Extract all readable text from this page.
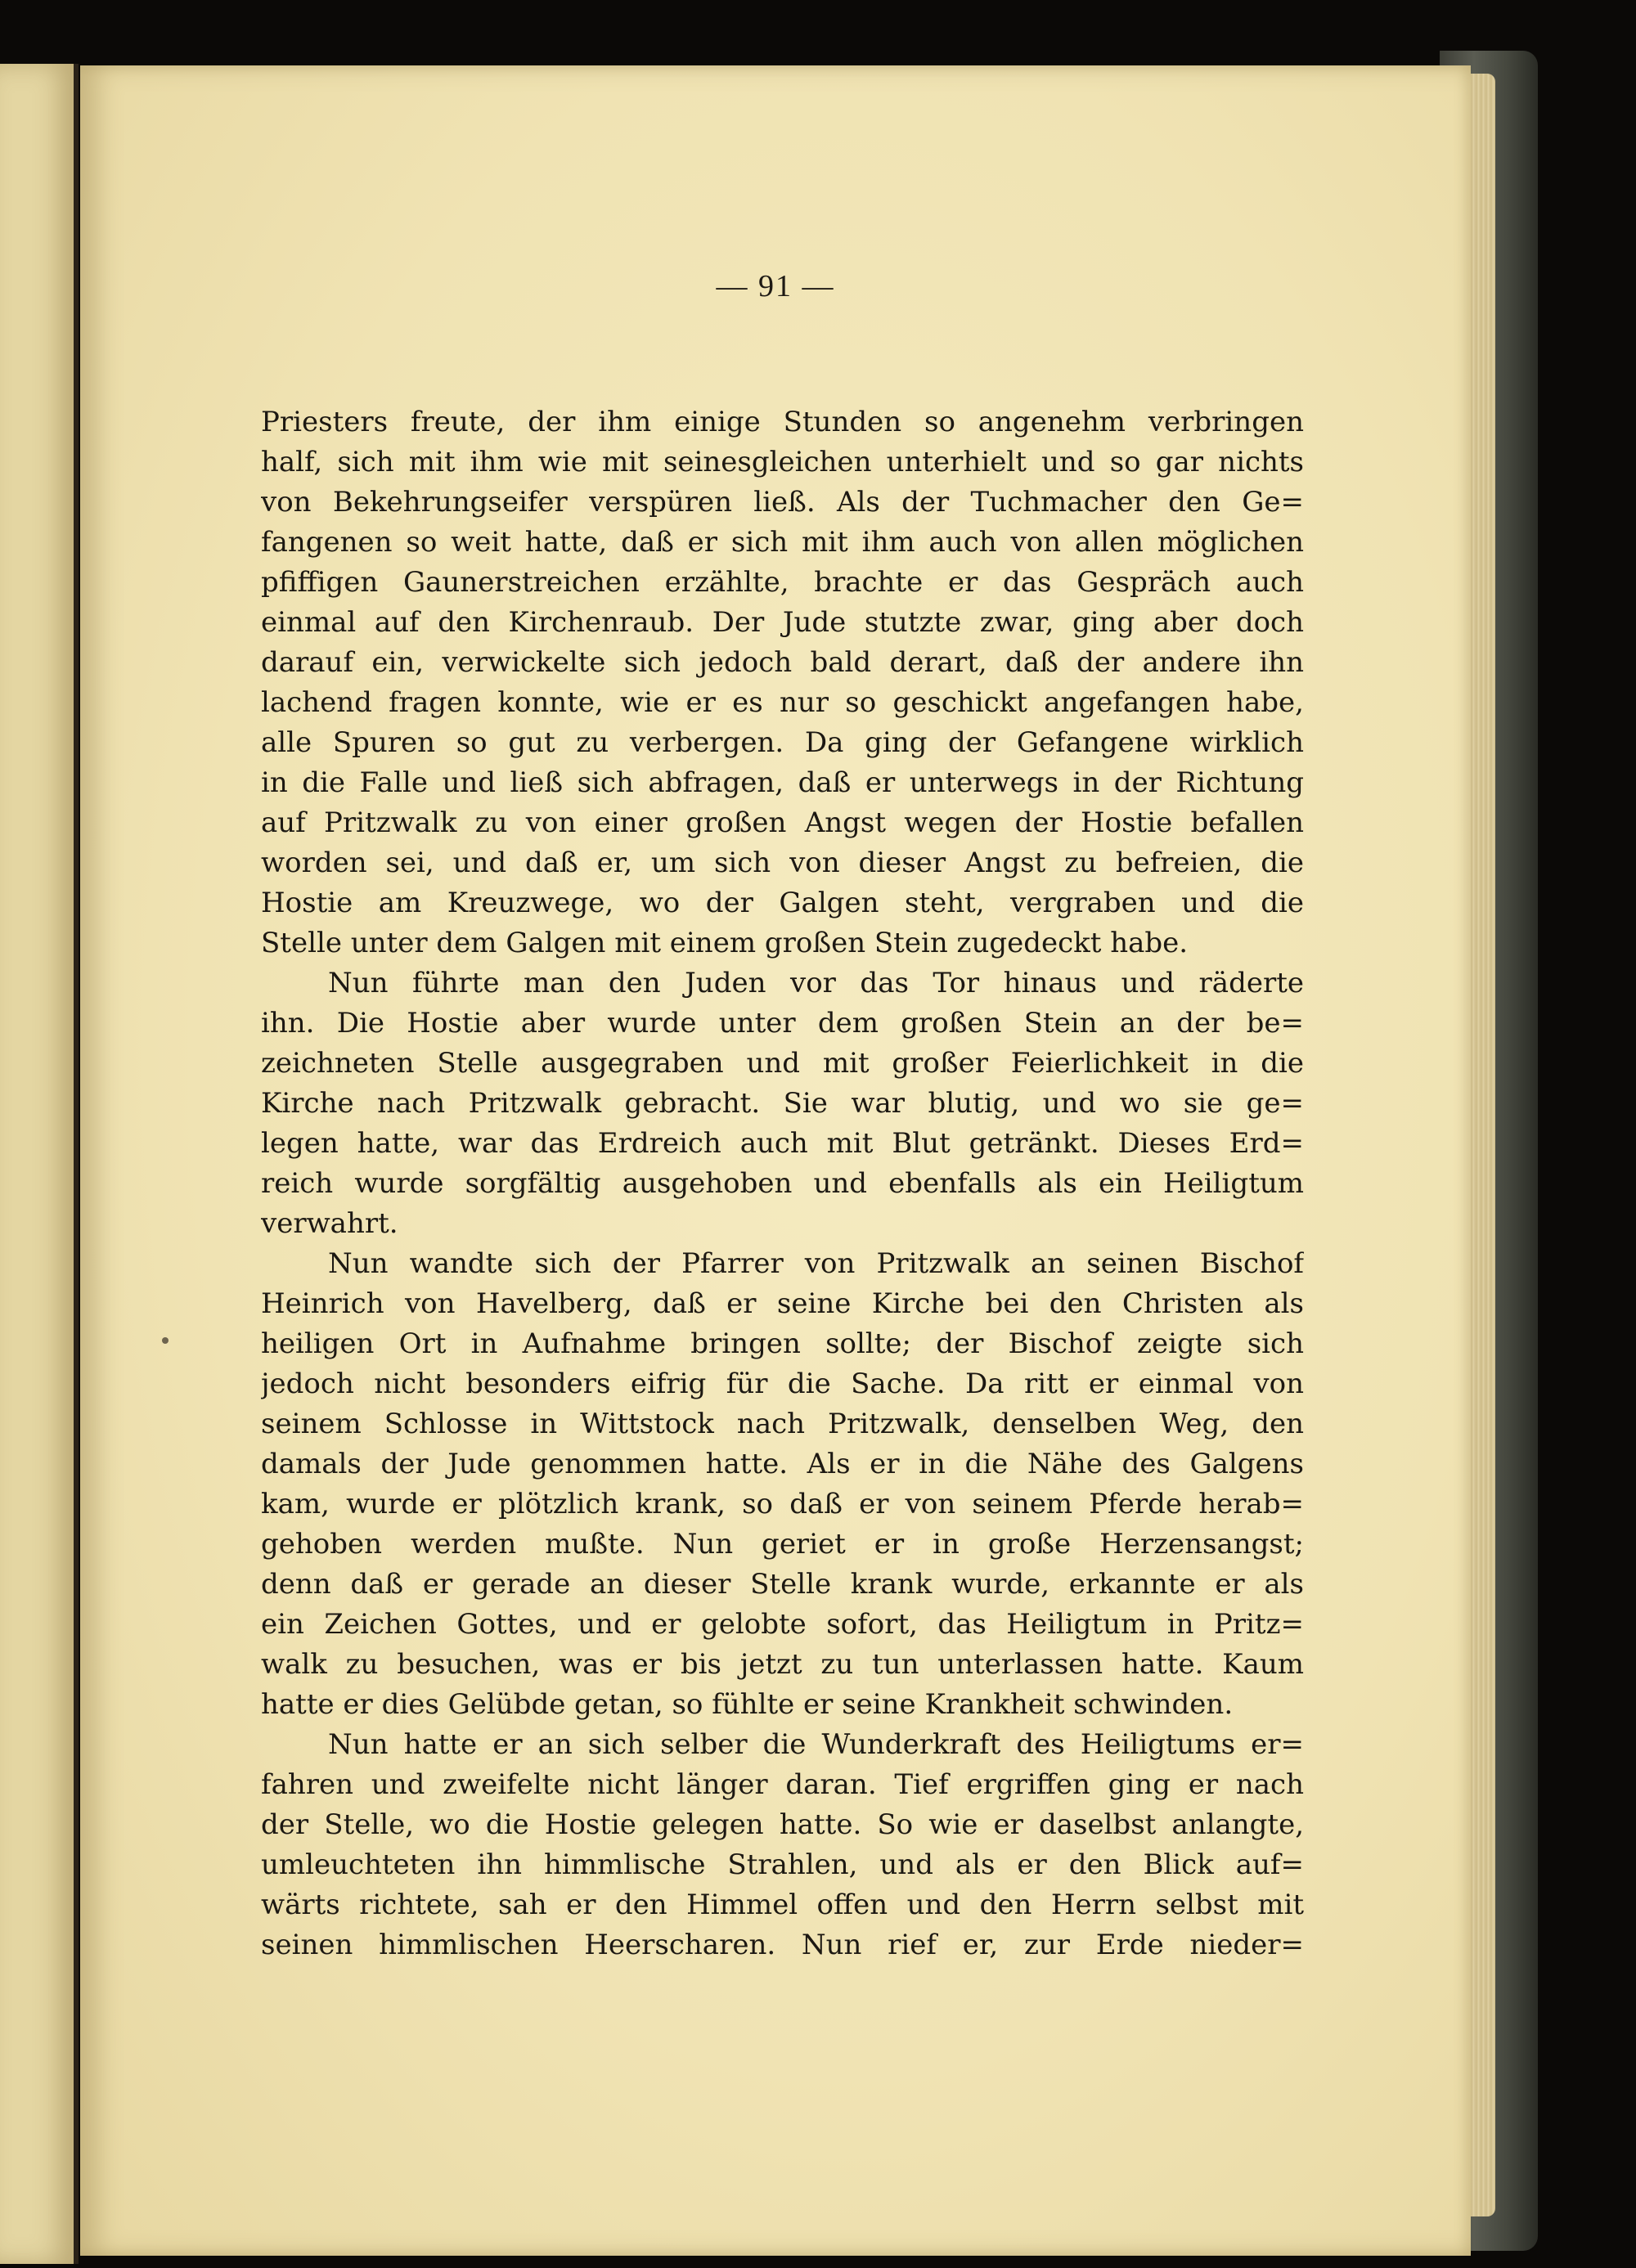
— 91 —
Priesters freute, der ihm einige Stunden so angenehm verbringen
half, sich mit ihm wie mit seinesgleichen unterhielt und so gar nichts
von Bekehrungseifer verspüren ließ. Als der Tuchmacher den Ge=
fangenen so weit hatte, daß er sich mit ihm auch von allen möglichen
pfiffigen Gaunerstreichen erzählte, brachte er das Gespräch auch
einmal auf den Kirchenraub. Der Jude stutzte zwar, ging aber doch
darauf ein, verwickelte sich jedoch bald derart, daß der andere ihn
lachend fragen konnte, wie er es nur so geschickt angefangen habe,
alle Spuren so gut zu verbergen. Da ging der Gefangene wirklich
in die Falle und ließ sich abfragen, daß er unterwegs in der Richtung
auf Pritzwalk zu von einer großen Angst wegen der Hostie befallen
worden sei, und daß er, um sich von dieser Angst zu befreien, die
Hostie am Kreuzwege, wo der Galgen steht, vergraben und die
Stelle unter dem Galgen mit einem großen Stein zugedeckt habe.
Nun führte man den Juden vor das Tor hinaus und räderte
ihn. Die Hostie aber wurde unter dem großen Stein an der be=
zeichneten Stelle ausgegraben und mit großer Feierlichkeit in die
Kirche nach Pritzwalk gebracht. Sie war blutig, und wo sie ge=
legen hatte, war das Erdreich auch mit Blut getränkt. Dieses Erd=
reich wurde sorgfältig ausgehoben und ebenfalls als ein Heiligtum
verwahrt.
Nun wandte sich der Pfarrer von Pritzwalk an seinen Bischof
Heinrich von Havelberg, daß er seine Kirche bei den Christen als
heiligen Ort in Aufnahme bringen sollte; der Bischof zeigte sich
jedoch nicht besonders eifrig für die Sache. Da ritt er einmal von
seinem Schlosse in Wittstock nach Pritzwalk, denselben Weg, den
damals der Jude genommen hatte. Als er in die Nähe des Galgens
kam, wurde er plötzlich krank, so daß er von seinem Pferde herab=
gehoben werden mußte. Nun geriet er in große Herzensangst;
denn daß er gerade an dieser Stelle krank wurde, erkannte er als
ein Zeichen Gottes, und er gelobte sofort, das Heiligtum in Pritz=
walk zu besuchen, was er bis jetzt zu tun unterlassen hatte. Kaum
hatte er dies Gelübde getan, so fühlte er seine Krankheit schwinden.
Nun hatte er an sich selber die Wunderkraft des Heiligtums er=
fahren und zweifelte nicht länger daran. Tief ergriffen ging er nach
der Stelle, wo die Hostie gelegen hatte. So wie er daselbst anlangte,
umleuchteten ihn himmlische Strahlen, und als er den Blick auf=
wärts richtete, sah er den Himmel offen und den Herrn selbst mit
seinen himmlischen Heerscharen. Nun rief er, zur Erde nieder=
